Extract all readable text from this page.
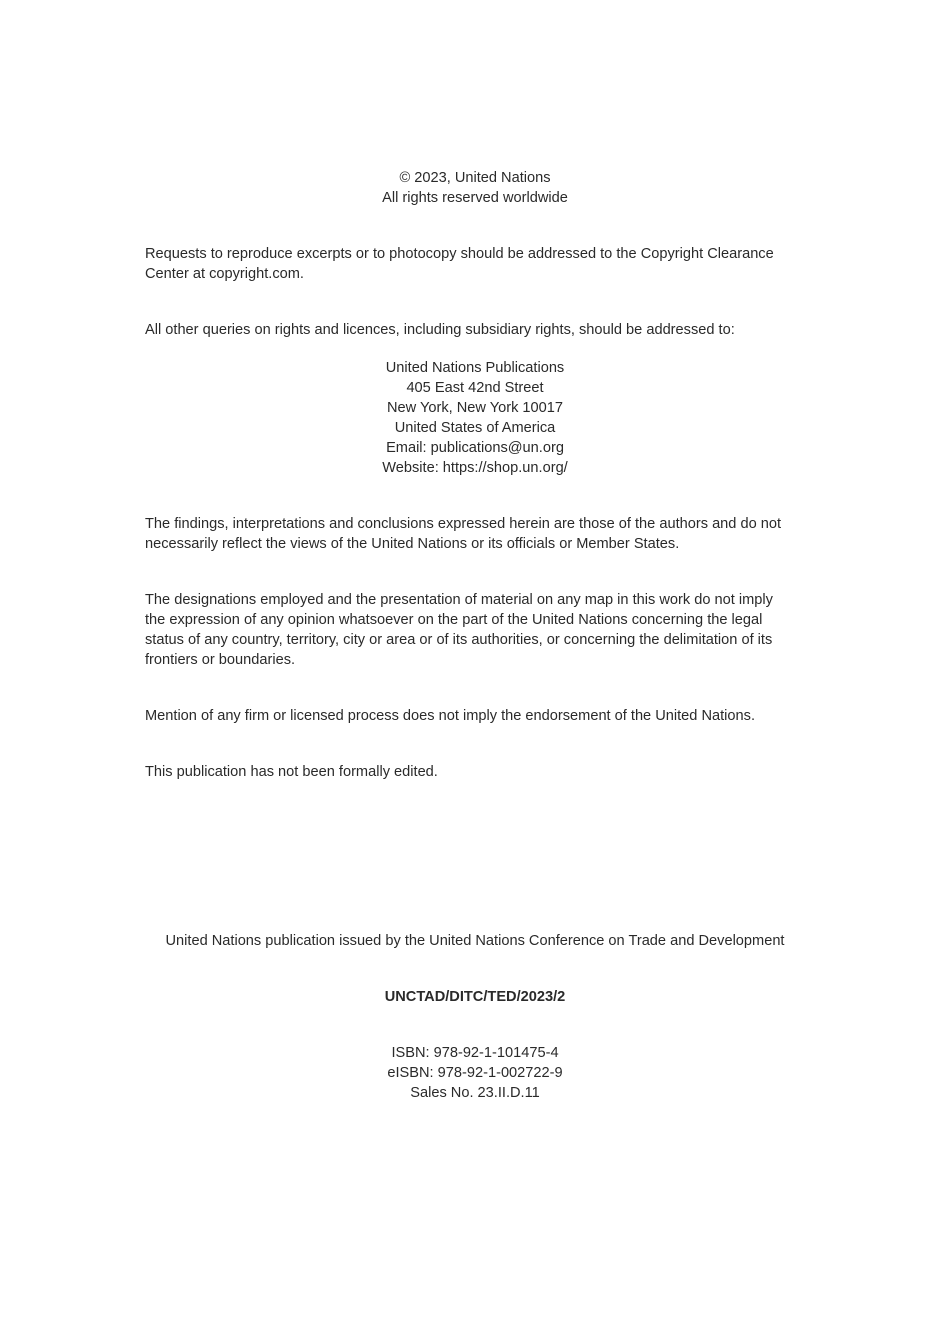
© 2023, United Nations
All rights reserved worldwide
Requests to reproduce excerpts or to photocopy should be addressed to the Copyright Clearance Center at copyright.com.
All other queries on rights and licences, including subsidiary rights, should be addressed to:
United Nations Publications
405 East 42nd Street
New York, New York 10017
United States of America
Email: publications@un.org
Website: https://shop.un.org/
The findings, interpretations and conclusions expressed herein are those of the authors and do not necessarily reflect the views of the United Nations or its officials or Member States.
The designations employed and the presentation of material on any map in this work do not imply the expression of any opinion whatsoever on the part of the United Nations concerning the legal status of any country, territory, city or area or of its authorities, or concerning the delimitation of its frontiers or boundaries.
Mention of any firm or licensed process does not imply the endorsement of the United Nations.
This publication has not been formally edited.
United Nations publication issued by the United Nations Conference on Trade and Development
UNCTAD/DITC/TED/2023/2
ISBN: 978-92-1-101475-4
eISBN: 978-92-1-002722-9
Sales No. 23.II.D.11
